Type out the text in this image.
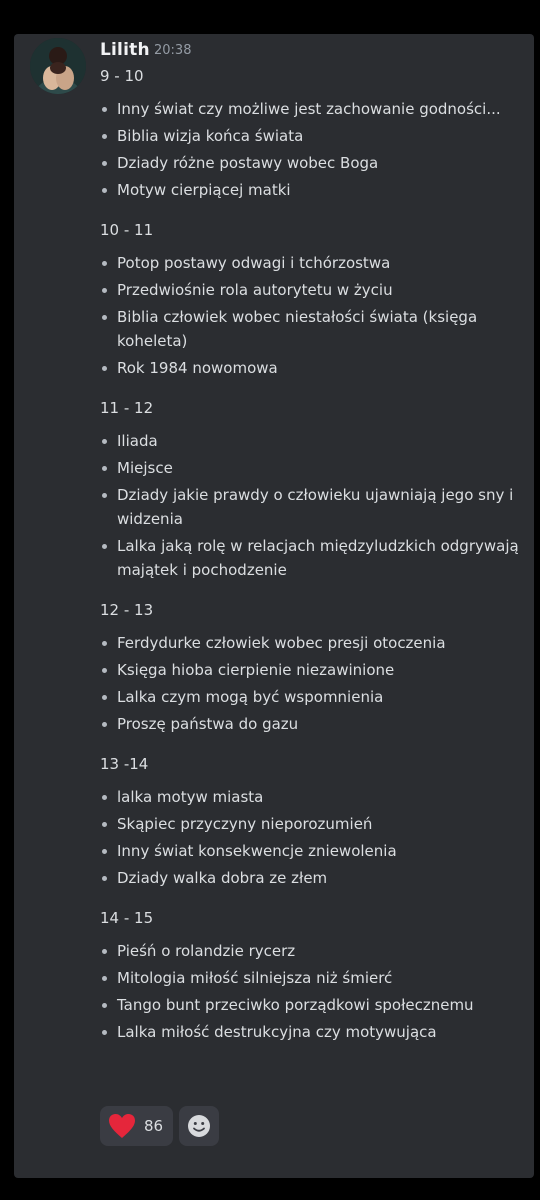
Lilith 20:38
9 - 10
Inny świat czy możliwe jest zachowanie godności...
Biblia wizja końca świata
Dziady różne postawy wobec Boga
Motyw cierpiącej matki
10 - 11
Potop postawy odwagi i tchórzostwa
Przedwiośnie rola autorytetu w życiu
Biblia człowiek wobec niestałości świata (księga koheleta)
Rok 1984 nowomowa
11 - 12
Iliada
Miejsce
Dziady jakie prawdy o człowieku ujawniają jego sny i widzenia
Lalka jaką rolę w relacjach międzyludzkich odgrywają majątek i pochodzenie
12 - 13
Ferdydurke człowiek wobec presji otoczenia
Księga hioba cierpienie niezawinione
Lalka czym mogą być wspomnienia
Proszę państwa do gazu
13 -14
lalka motyw miasta
Skąpiec przyczyny nieporozumień
Inny świat konsekwencje zniewolenia
Dziady walka dobra ze złem
14 - 15
Pieśń o rolandzie rycerz
Mitologia miłość silniejsza niż śmierć
Tango bunt przeciwko porządkowi społecznemu
Lalka miłość destrukcyjna czy motywująca
86
